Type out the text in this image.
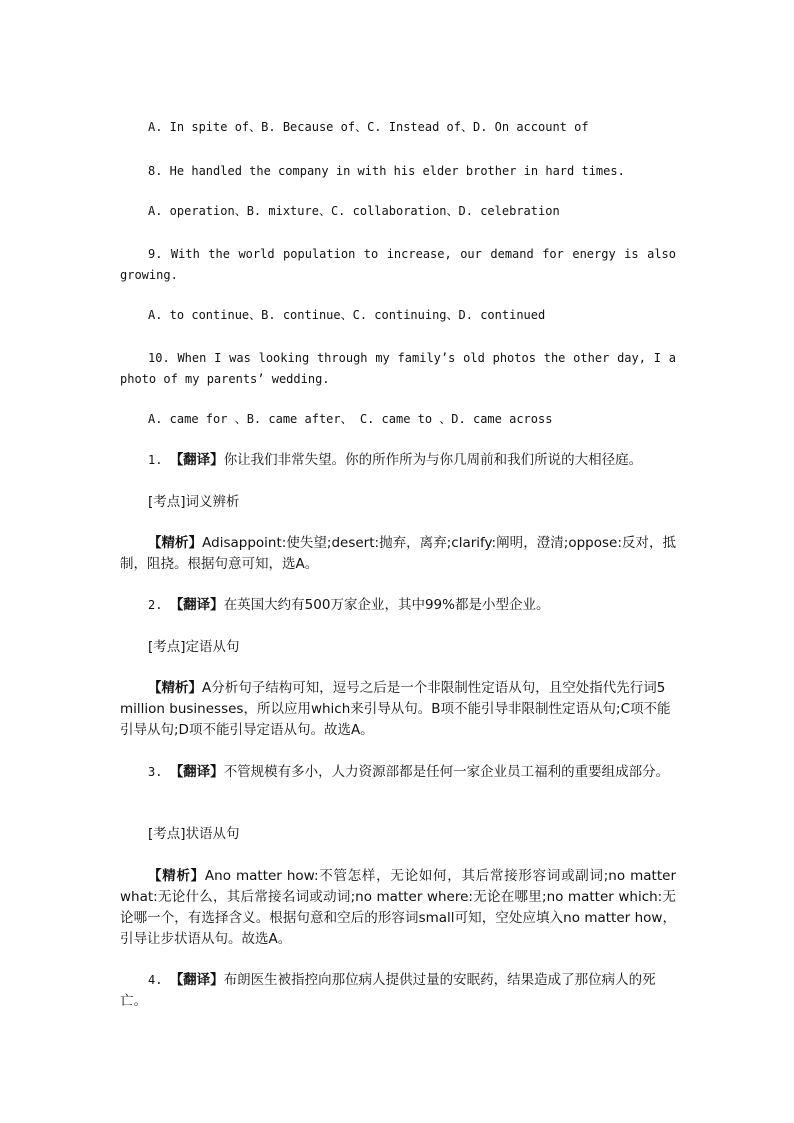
A. In spite of、B. Because of、C. Instead of、D. On account of

8. He handled the company in with his elder brother in hard times.

A. operation、B. mixture、C. collaboration、D. celebration

9. With the world population to increase, our demand for energy is also growing.

A. to continue、B. continue、C. continuing、D. continued

10. When I was looking through my family’s old photos the other day, I a photo of my parents’ wedding.

A. came for 、B. came after、 C. came to 、D. came across

1. 【翻译】你让我们非常失望。你的所作所为与你几周前和我们所说的大相径庭。

[考点]词义辨析

【精析】Adisappoint:使失望;desert:抛弃，离弃;clarify:阐明，澄清;oppose:反对，抵制，阻挠。根据句意可知，选A。

2. 【翻译】在英国大约有500万家企业，其中99%都是小型企业。

[考点]定语从句

【精析】A分析句子结构可知，逗号之后是一个非限制性定语从句，且空处指代先行词5 million businesses，所以应用which来引导从句。B项不能引导非限制性定语从句;C项不能引导从句;D项不能引导定语从句。故选A。

3. 【翻译】不管规模有多小，人力资源部都是任何一家企业员工福利的重要组成部分。

[考点]状语从句

【精析】Ano matter how:不管怎样，无论如何，其后常接形容词或副词;no matter what:无论什么，其后常接名词或动词;no matter where:无论在哪里;no matter which:无论哪一个，有选择含义。根据句意和空后的形容词small可知，空处应填入no matter how，引导让步状语从句。故选A。

4. 【翻译】布朗医生被指控向那位病人提供过量的安眠药，结果造成了那位病人的死亡。
